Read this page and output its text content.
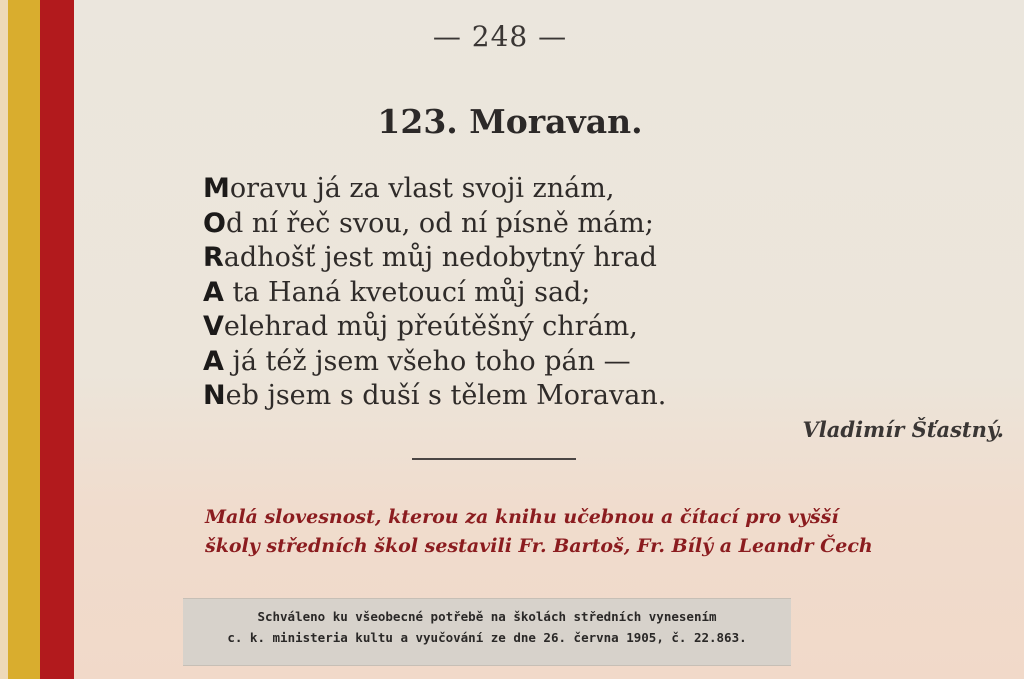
— 248 —
123. Moravan.
Moravu já za vlast svoji znám,
Od ní řeč svou, od ní písně mám;
Radhošť jest můj nedobytný hrad
A ta Haná kvetoucí můj sad;
Velehrad můj přeútěšný chrám,
A já též jsem všeho toho pán —
Neb jsem s duší s tělem Moravan.
Vladimír Šťastný.
Malá slovesnost, kterou za knihu učebnou a čítací pro vyšší
školy středních škol sestavili Fr. Bartoš, Fr. Bílý a Leandr Čech
Schváleno ku všeobecné potřebě na školách středních vynesením
c. k. ministeria kultu a vyučování ze dne 26. června 1905, č. 22.863.
